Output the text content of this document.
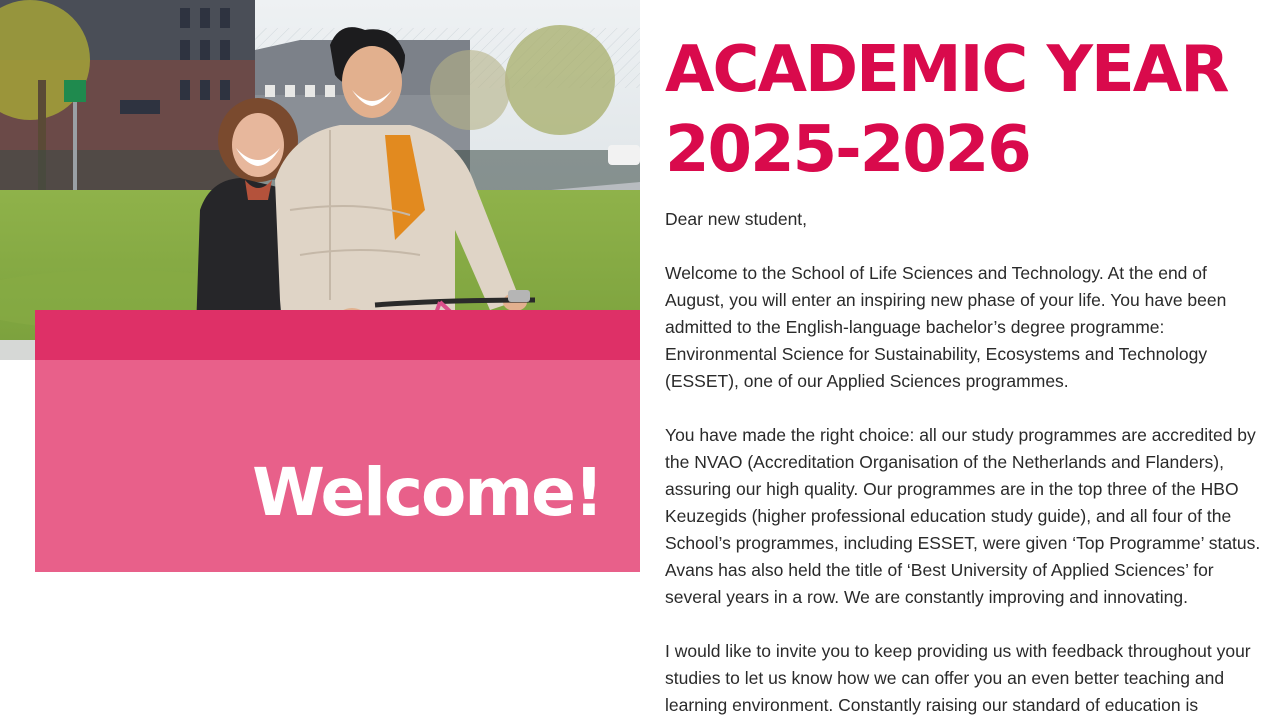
Welcome!
ACADEMIC YEAR
2025-2026

Dear new student,

Welcome to the School of Life Sciences and Technology. At the end of August, you will enter an inspiring new phase of your life. You have been admitted to the English-language bachelor’s degree programme: Environmental Science for Sustainability, Ecosystems and Technology (ESSET), one of our Applied Sciences programmes.

You have made the right choice: all our study programmes are accredited by the NVAO (Accreditation Organisation of the Netherlands and Flanders), assuring our high quality. Our programmes are in the top three of the HBO Keuzegids (higher professional education study guide), and all four of the School’s programmes, including ESSET, were given ‘Top Programme’ status. Avans has also held the title of ‘Best University of Applied Sciences’ for several years in a row. We are constantly improving and innovating.

I would like to invite you to keep providing us with feedback throughout your studies to let us know how we can offer you an even better teaching and learning environment. Constantly raising our standard of education is
